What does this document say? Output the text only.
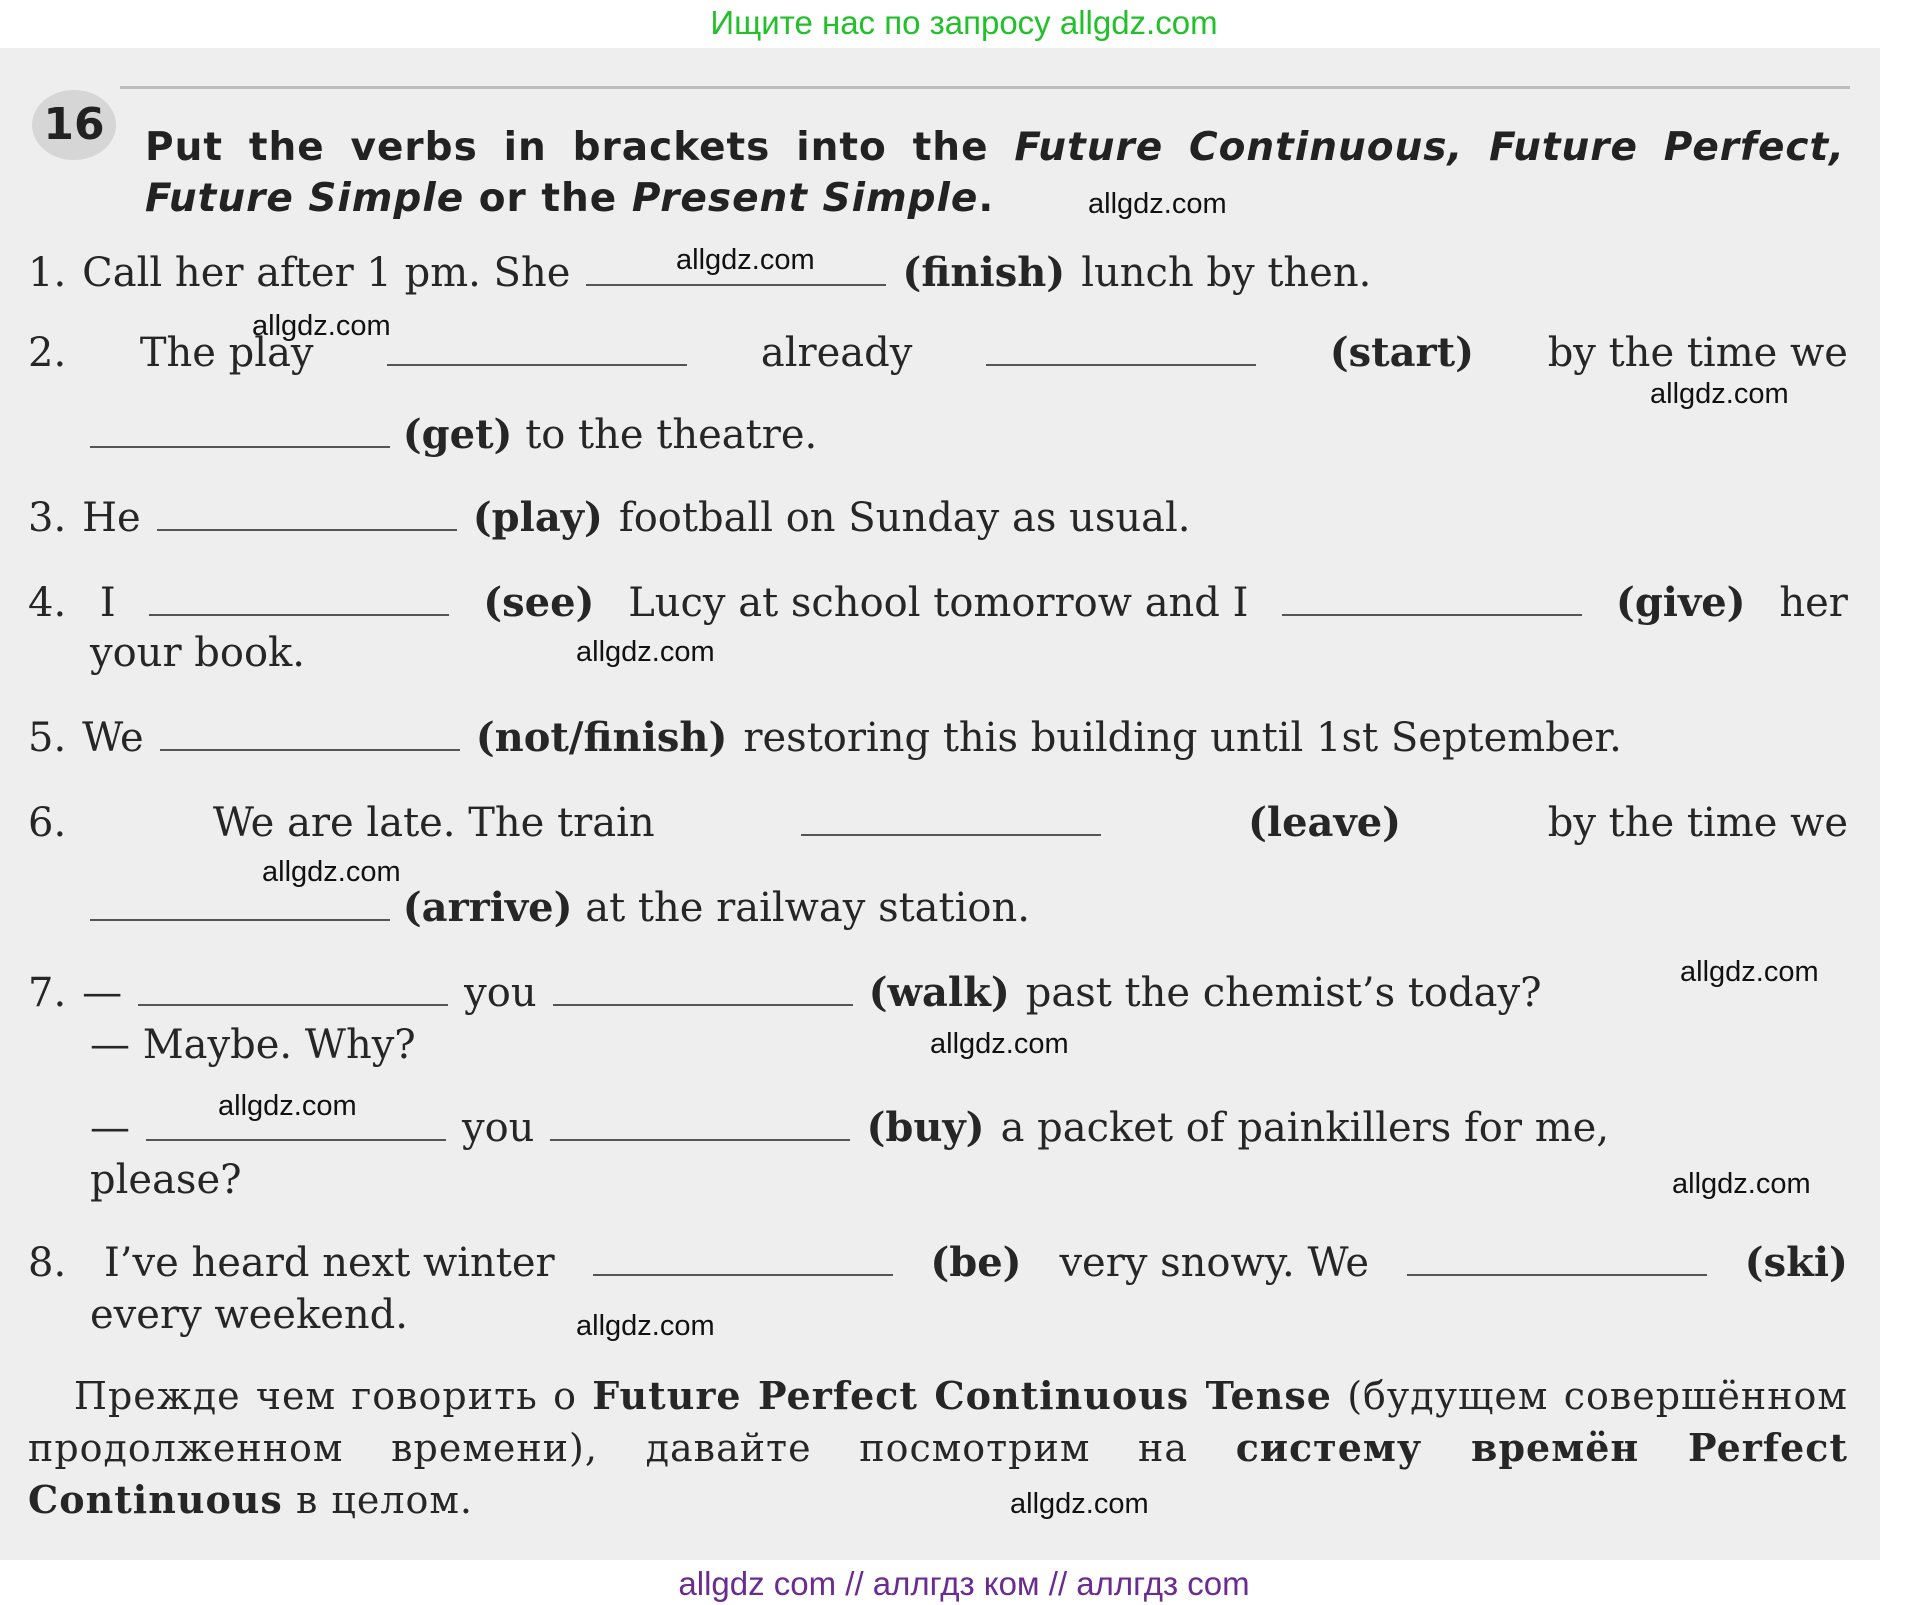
Ищите нас по запросу allgdz.com
16 Put the verbs in brackets into the Future Continuous, Future Perfect, Future Simple or the Present Simple.
1. Call her after 1 pm. She	(finish) lunch by then.
2. The play	already	(start) by the time we
(get) to the theatre.
3. He	(play) football on Sunday as usual.
4. I	(see) Lucy at school tomorrow and I	(give) her
your book.
5. We	(not/finish) restoring this building until 1st September.
6.	We are late. The train	(leave)	by the time we
(arrive) at the railway station.
7. —	you	(walk) past the chemist’s today?
— Maybe. Why?
—	you	(buy) a packet of painkillers for me,
please?
8. I’ve heard next winter	(be) very snowy. We	(ski)
every weekend.
Прежде чем говорить о Future Perfect Continuous Tense (будущем совершённом продолженном времени), давайте посмотрим на систему времён Perfect Continuous в целом.
allgdz.com
allgdz.com
allgdz.com
allgdz.com
allgdz.com
allgdz.com
allgdz.com
allgdz.com
allgdz.com
allgdz.com
allgdz.com
allgdz.com
allgdz com // аллгдз ком // аллгдз com
